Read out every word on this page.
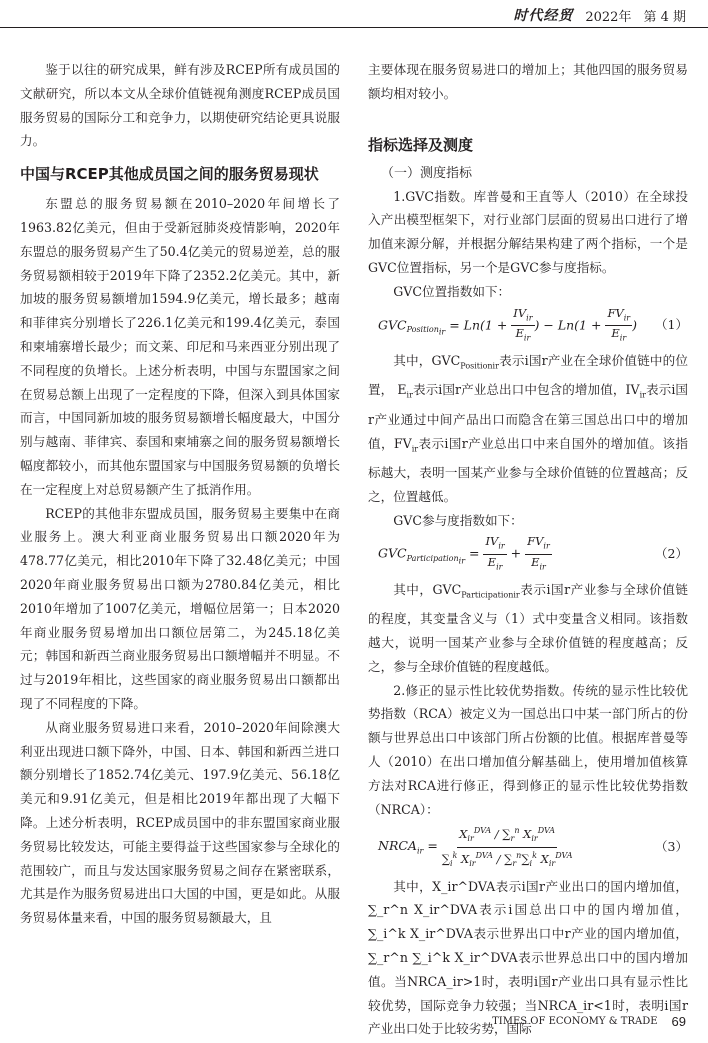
时代经贸 2022年 第 4 期

鉴于以往的研究成果，鲜有涉及RCEP所有成员国的文献研究，所以本文从全球价值链视角测度RCEP成员国服务贸易的国际分工和竞争力，以期使研究结论更具说服力。

中国与RCEP其他成员国之间的服务贸易现状

东盟总的服务贸易额在2010–2020年间增长了1963.82亿美元，但由于受新冠肺炎疫情影响，2020年东盟总的服务贸易产生了50.4亿美元的贸易逆差，总的服务贸易额相较于2019年下降了2352.2亿美元。其中，新加坡的服务贸易额增加1594.9亿美元，增长最多；越南和菲律宾分别增长了226.1亿美元和199.4亿美元，泰国和柬埔寨增长最少；而文莱、印尼和马来西亚分别出现了不同程度的负增长。上述分析表明，中国与东盟国家之间在贸易总额上出现了一定程度的下降，但深入到具体国家而言，中国同新加坡的服务贸易额增长幅度最大，中国分别与越南、菲律宾、泰国和柬埔寨之间的服务贸易额增长幅度都较小，而其他东盟国家与中国服务贸易额的负增长在一定程度上对总贸易额产生了抵消作用。

RCEP的其他非东盟成员国，服务贸易主要集中在商业服务上。澳大利亚商业服务贸易出口额2020年为478.77亿美元，相比2010年下降了32.48亿美元；中国2020年商业服务贸易出口额为2780.84亿美元，相比2010年增加了1007亿美元，增幅位居第一；日本2020年商业服务贸易增加出口额位居第二，为245.18亿美元；韩国和新西兰商业服务贸易出口额增幅并不明显。不过与2019年相比，这些国家的商业服务贸易出口额都出现了不同程度的下降。

从商业服务贸易进口来看，2010–2020年间除澳大利亚出现进口额下降外，中国、日本、韩国和新西兰进口额分别增长了1852.74亿美元、197.9亿美元、56.18亿美元和9.91亿美元，但是相比2019年都出现了大幅下降。上述分析表明，RCEP成员国中的非东盟国家商业服务贸易比较发达，可能主要得益于这些国家参与全球化的范围较广，而且与发达国家服务贸易之间存在紧密联系，尤其是作为服务贸易进出口大国的中国，更是如此。从服务贸易体量来看，中国的服务贸易额最大，且

主要体现在服务贸易进口的增加上；其他四国的服务贸易额均相对较小。

指标选择及测度
（一）测度指标

1.GVC指数。库普曼和王直等人（2010）在全球投入产出模型框架下，对行业部门层面的贸易出口进行了增加值来源分解，并根据分解结果构建了两个指标，一个是GVC位置指标，另一个是GVC参与度指标。

GVC位置指数如下：

$GVC_{Position_{ir}} = Ln(1 + \frac{IV_{ir}}{E_{ir}}$ ) − $Ln(1 + \frac{FV_{ir}}{E_{ir}}$ ) （1）

其中，$GVC_{Positionir}$表示i国r产业在全球价值链中的位置， $E_{ir}$表示i国r产业总出口中包含的增加值，$IV_{ir}$表示i国r产业通过中间产品出口而隐含在第三国总出口中的增加值，$FV_{ir}$表示i国r产业总出口中来自国外的增加值。该指标越大，表明一国某产业参与全球价值链的位置越高；反之，位置越低。

GVC参与度指数如下：

$GVC_{Participation_{ir}} = \frac{IV_{ir}}{E_{ir}} + \frac{FV_{ir}}{E_{ir}}$	（2）

其中，$GVC_{Participationir}$表示i国r产业参与全球价值链的程度，其变量含义与（1）式中变量含义相同。该指数越大，说明一国某产业参与全球价值链的程度越高；反之，参与全球价值链的程度越低。

2.修正的显示性比较优势指数。传统的显示性比较优势指数（RCA）被定义为一国总出口中某一部门所占的份额与世界总出口中该部门所占份额的比值。根据库普曼等人（2010）在出口增加值分解基础上，使用增加值核算方法对RCA进行修正，得到修正的显示性比较优势指数（NRCA）：

$NRCA_{ir} = \frac{X_{ir}^{DVA} / \sum_r^n X_{ir}^{DVA}}{\sum_i^k X_{ir}^{DVA} / \sum_r^n\sum_i^k X_{ir}^{DVA}}$	（3）

其中，X_ir^DVA表示i国r产业出口的国内增加值，∑_r^n X_ir^DVA表示i国总出口中的国内增加值，∑_i^k X_ir^DVA表示世界出口中r产业的国内增加值，∑_r^n ∑_i^k X_ir^DVA表示世界总出口中的国内增加值。当NRCA_ir>1时，表明i国r产业出口具有显示性比较优势，国际竞争力较强；当NRCA_ir<1时，表明i国r产业出口处于比较劣势，国际

TIMES OF ECONOMY & TRADE 69
